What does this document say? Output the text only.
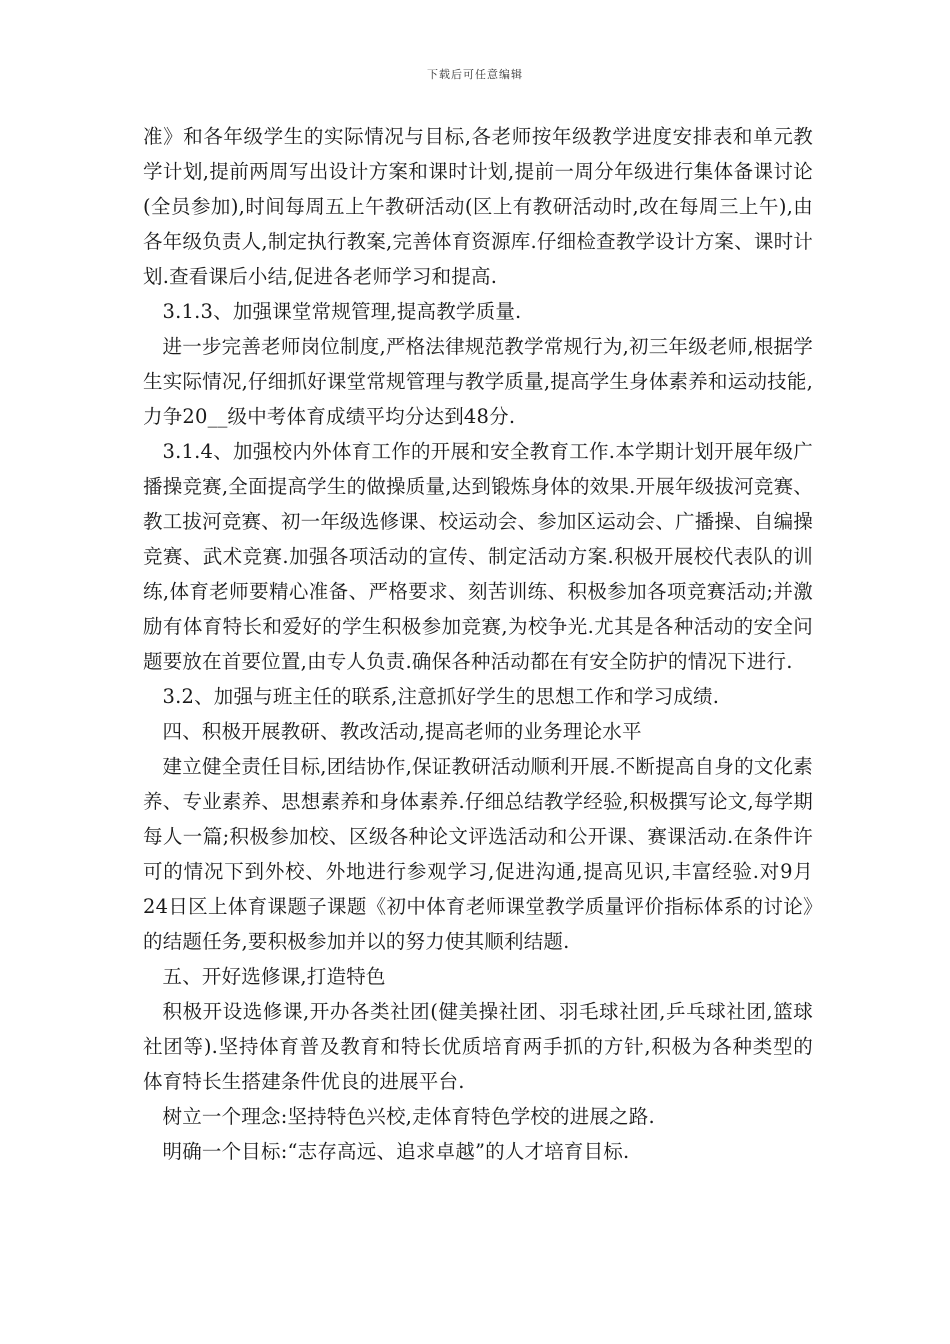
下载后可任意编辑

准》和各年级学生的实际情况与目标,各老师按年级教学进度安排表和单元教学计划,提前两周写出设计方案和课时计划,提前一周分年级进行集体备课讨论(全员参加),时间每周五上午教研活动(区上有教研活动时,改在每周三上午),由各年级负责人,制定执行教案,完善体育资源库.仔细检查教学设计方案、课时计划.查看课后小结,促进各老师学习和提高.

3.1.3、加强课堂常规管理,提高教学质量.

进一步完善老师岗位制度,严格法律规范教学常规行为,初三年级老师,根据学生实际情况,仔细抓好课堂常规管理与教学质量,提高学生身体素养和运动技能,力争20__级中考体育成绩平均分达到48分.

3.1.4、加强校内外体育工作的开展和安全教育工作.本学期计划开展年级广播操竞赛,全面提高学生的做操质量,达到锻炼身体的效果.开展年级拔河竞赛、教工拔河竞赛、初一年级选修课、校运动会、参加区运动会、广播操、自编操竞赛、武术竞赛.加强各项活动的宣传、制定活动方案.积极开展校代表队的训练,体育老师要精心准备、严格要求、刻苦训练、积极参加各项竞赛活动;并激励有体育特长和爱好的学生积极参加竞赛,为校争光.尤其是各种活动的安全问题要放在首要位置,由专人负责.确保各种活动都在有安全防护的情况下进行.

3.2、加强与班主任的联系,注意抓好学生的思想工作和学习成绩.

四、积极开展教研、教改活动,提高老师的业务理论水平

建立健全责任目标,团结协作,保证教研活动顺利开展.不断提高自身的文化素养、专业素养、思想素养和身体素养.仔细总结教学经验,积极撰写论文,每学期每人一篇;积极参加校、区级各种论文评选活动和公开课、赛课活动.在条件许可的情况下到外校、外地进行参观学习,促进沟通,提高见识,丰富经验.对9月24日区上体育课题子课题《初中体育老师课堂教学质量评价指标体系的讨论》的结题任务,要积极参加并以的努力使其顺利结题.

五、开好选修课,打造特色

积极开设选修课,开办各类社团(健美操社团、羽毛球社团,乒乓球社团,篮球社团等).坚持体育普及教育和特长优质培育两手抓的方针,积极为各种类型的体育特长生搭建条件优良的进展平台.

树立一个理念:坚持特色兴校,走体育特色学校的进展之路.

明确一个目标:“志存高远、追求卓越”的人才培育目标.
